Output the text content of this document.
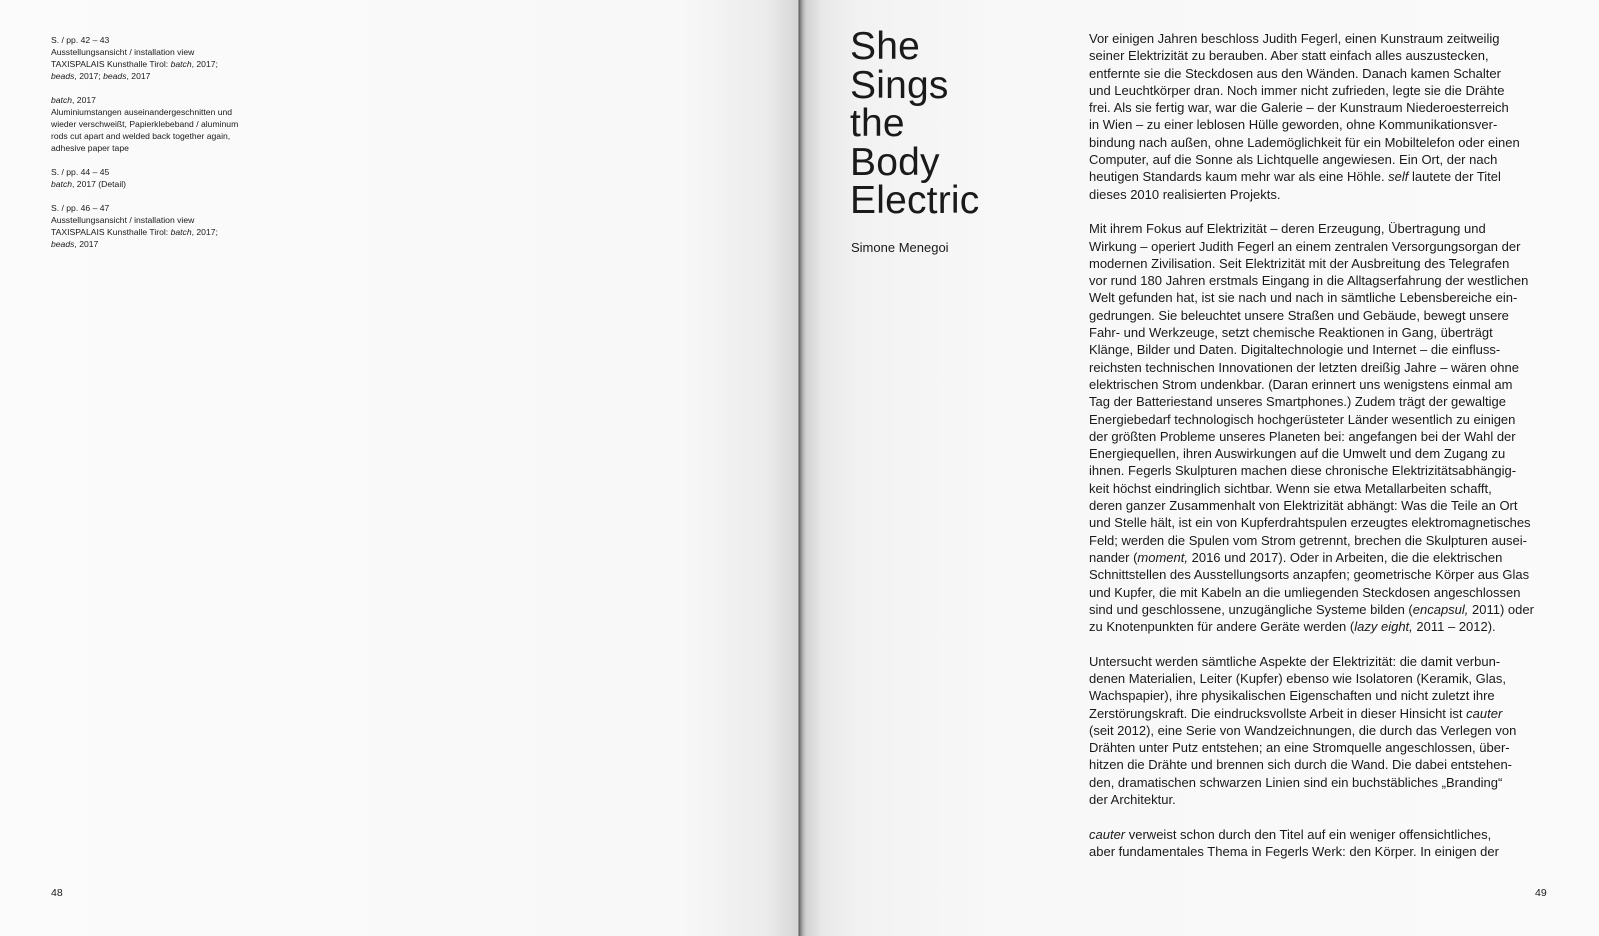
S. / pp. 42 – 43
Ausstellungsansicht / installation view
TAXISPALAIS Kunsthalle Tirol: batch, 2017;
beads, 2017; beads, 2017
batch, 2017
Aluminiumstangen auseinandergeschnitten und
wieder verschweißt, Papierklebeband / aluminum
rods cut apart and welded back together again,
adhesive paper tape
S. / pp. 44 – 45
batch, 2017 (Detail)
S. / pp. 46 – 47
Ausstellungsansicht / installation view
TAXISPALAIS Kunsthalle Tirol: batch, 2017;
beads, 2017
48
She
Sings
the
Body
Electric
Simone Menegoi
Vor einigen Jahren beschloss Judith Fegerl, einen Kunstraum zeitweilig
seiner Elektrizität zu berauben. Aber statt einfach alles auszustecken,
entfernte sie die Steckdosen aus den Wänden. Danach kamen Schalter
und Leuchtkörper dran. Noch immer nicht zufrieden, legte sie die Drähte
frei. Als sie fertig war, war die Galerie – der Kunstraum Niederoesterreich
in Wien – zu einer leblosen Hülle geworden, ohne Kommunikationsver-
bindung nach außen, ohne Lademöglichkeit für ein Mobiltelefon oder einen
Computer, auf die Sonne als Lichtquelle angewiesen. Ein Ort, der nach
heutigen Standards kaum mehr war als eine Höhle. self lautete der Titel
dieses 2010 realisierten Projekts.
Mit ihrem Fokus auf Elektrizität – deren Erzeugung, Übertragung und
Wirkung – operiert Judith Fegerl an einem zentralen Versorgungsorgan der
modernen Zivilisation. Seit Elektrizität mit der Ausbreitung des Telegrafen
vor rund 180 Jahren erstmals Eingang in die Alltagserfahrung der westlichen
Welt gefunden hat, ist sie nach und nach in sämtliche Lebensbereiche ein-
gedrungen. Sie beleuchtet unsere Straßen und Gebäude, bewegt unsere
Fahr- und Werkzeuge, setzt chemische Reaktionen in Gang, überträgt
Klänge, Bilder und Daten. Digitaltechnologie und Internet – die einfluss-
reichsten technischen Innovationen der letzten dreißig Jahre – wären ohne
elektrischen Strom undenkbar. (Daran erinnert uns wenigstens einmal am
Tag der Batteriestand unseres Smartphones.) Zudem trägt der gewaltige
Energiebedarf technologisch hochgerüsteter Länder wesentlich zu einigen
der größten Probleme unseres Planeten bei: angefangen bei der Wahl der
Energiequellen, ihren Auswirkungen auf die Umwelt und dem Zugang zu
ihnen. Fegerls Skulpturen machen diese chronische Elektrizitätsabhängig-
keit höchst eindringlich sichtbar. Wenn sie etwa Metallarbeiten schafft,
deren ganzer Zusammenhalt von Elektrizität abhängt: Was die Teile an Ort
und Stelle hält, ist ein von Kupferdrahtspulen erzeugtes elektromagnetisches
Feld; werden die Spulen vom Strom getrennt, brechen die Skulpturen ausei-
nander (moment, 2016 und 2017). Oder in Arbeiten, die die elektrischen
Schnittstellen des Ausstellungsorts anzapfen; geometrische Körper aus Glas
und Kupfer, die mit Kabeln an die umliegenden Steckdosen angeschlossen
sind und geschlossene, unzugängliche Systeme bilden (encapsul, 2011) oder
zu Knotenpunkten für andere Geräte werden (lazy eight, 2011 – 2012).
Untersucht werden sämtliche Aspekte der Elektrizität: die damit verbun-
denen Materialien, Leiter (Kupfer) ebenso wie Isolatoren (Keramik, Glas,
Wachspapier), ihre physikalischen Eigenschaften und nicht zuletzt ihre
Zerstörungskraft. Die eindrucksvollste Arbeit in dieser Hinsicht ist cauter
(seit 2012), eine Serie von Wandzeichnungen, die durch das Verlegen von
Drähten unter Putz entstehen; an eine Stromquelle angeschlossen, über-
hitzen die Drähte und brennen sich durch die Wand. Die dabei entstehen-
den, dramatischen schwarzen Linien sind ein buchstäbliches „Branding“
der Architektur.
cauter verweist schon durch den Titel auf ein weniger offensichtliches,
aber fundamentales Thema in Fegerls Werk: den Körper. In einigen der
49
